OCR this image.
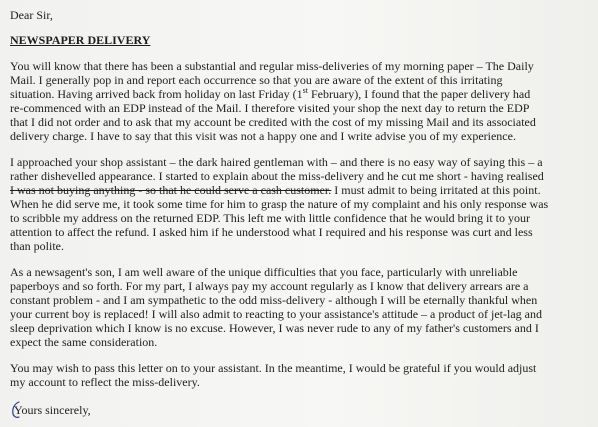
Dear Sir,
NEWSPAPER DELIVERY
You will know that there has been a substantial and regular miss-deliveries of my morning paper – The Daily
Mail. I generally pop in and report each occurrence so that you are aware of the extent of this irritating
situation. Having arrived back from holiday on last Friday (1st February), I found that the paper delivery had
re-commenced with an EDP instead of the Mail. I therefore visited your shop the next day to return the EDP
that I did not order and to ask that my account be credited with the cost of my missing Mail and its associated
delivery charge. I have to say that this visit was not a happy one and I write advise you of my experience.
I approached your shop assistant – the dark haired gentleman with – and there is no easy way of saying this – a
rather dishevelled appearance. I started to explain about the miss-delivery and he cut me short - having realised
I was not buying anything - so that he could serve a cash customer. I must admit to being irritated at this point.
When he did serve me, it took some time for him to grasp the nature of my complaint and his only response was
to scribble my address on the returned EDP. This left me with little confidence that he would bring it to your
attention to affect the refund. I asked him if he understood what I required and his response was curt and less
than polite.
As a newsagent's son, I am well aware of the unique difficulties that you face, particularly with unreliable
paperboys and so forth. For my part, I always pay my account regularly as I know that delivery arrears are a
constant problem - and I am sympathetic to the odd miss-delivery - although I will be eternally thankful when
your current boy is replaced! I will also admit to reacting to your assistance's attitude – a product of jet-lag and
sleep deprivation which I know is no excuse. However, I was never rude to any of my father's customers and I
expect the same consideration.
You may wish to pass this letter on to your assistant. In the meantime, I would be grateful if you would adjust
my account to reflect the miss-delivery.
Yours sincerely,
